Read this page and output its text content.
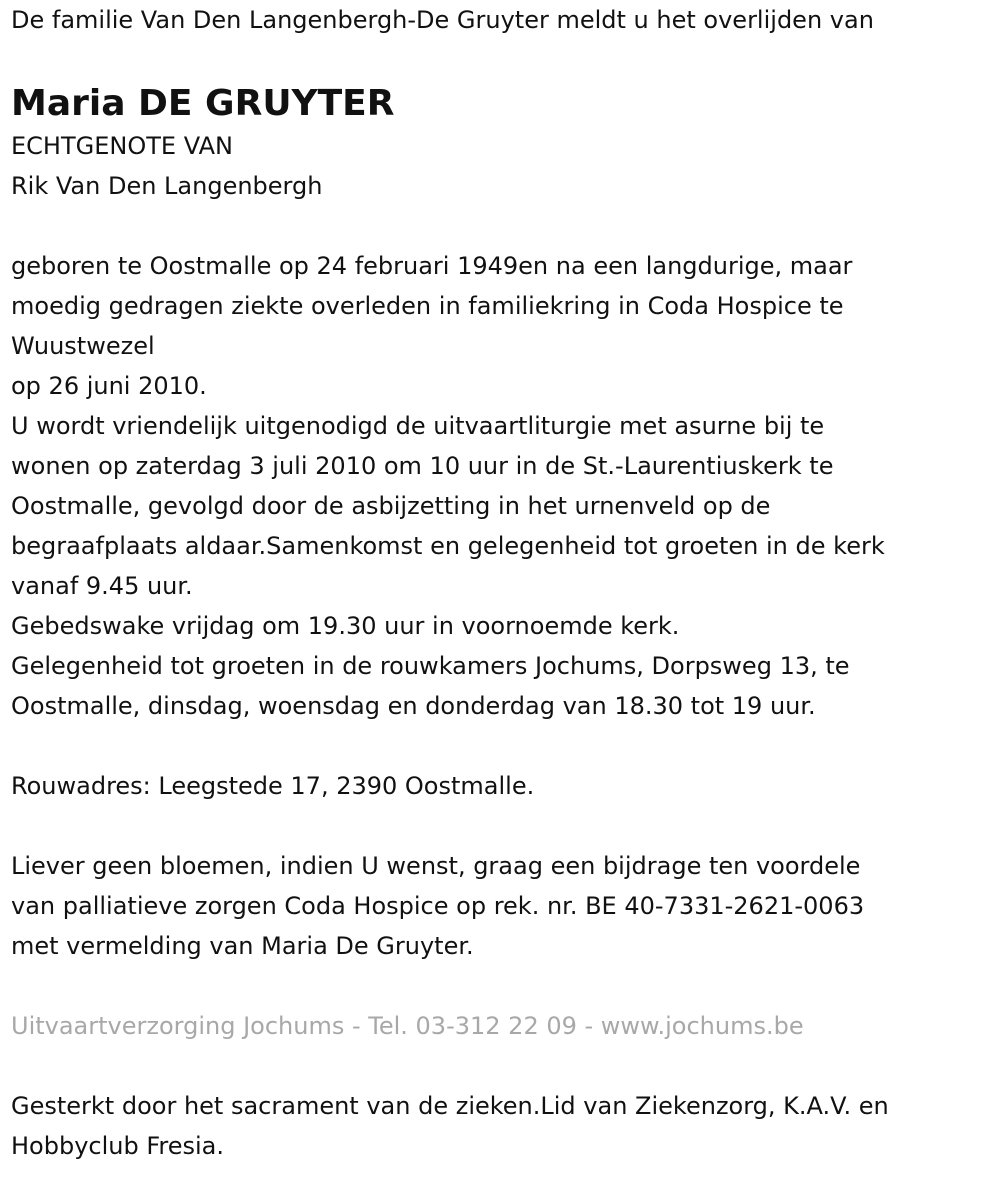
De familie Van Den Langenbergh-De Gruyter meldt u het overlijden van
Maria DE GRUYTER
ECHTGENOTE VAN
Rik Van Den Langenbergh
geboren te Oostmalle op 24 februari 1949en na een langdurige, maar
moedig gedragen ziekte overleden in familiekring in Coda Hospice te
Wuustwezel
op 26 juni 2010.
U wordt vriendelijk uitgenodigd de uitvaartliturgie met asurne bij te
wonen op zaterdag 3 juli 2010 om 10 uur in de St.-Laurentiuskerk te
Oostmalle, gevolgd door de asbijzetting in het urnenveld op de
begraafplaats aldaar.Samenkomst en gelegenheid tot groeten in de kerk
vanaf 9.45 uur.
Gebedswake vrijdag om 19.30 uur in voornoemde kerk.
Gelegenheid tot groeten in de rouwkamers Jochums, Dorpsweg 13, te
Oostmalle, dinsdag, woensdag en donderdag van 18.30 tot 19 uur.
Rouwadres: Leegstede 17, 2390 Oostmalle.
Liever geen bloemen, indien U wenst, graag een bijdrage ten voordele
van palliatieve zorgen Coda Hospice op rek. nr. BE 40-7331-2621-0063
met vermelding van Maria De Gruyter.
Uitvaartverzorging Jochums - Tel. 03-312 22 09 - www.jochums.be
Gesterkt door het sacrament van de zieken.Lid van Ziekenzorg, K.A.V. en
Hobbyclub Fresia.
